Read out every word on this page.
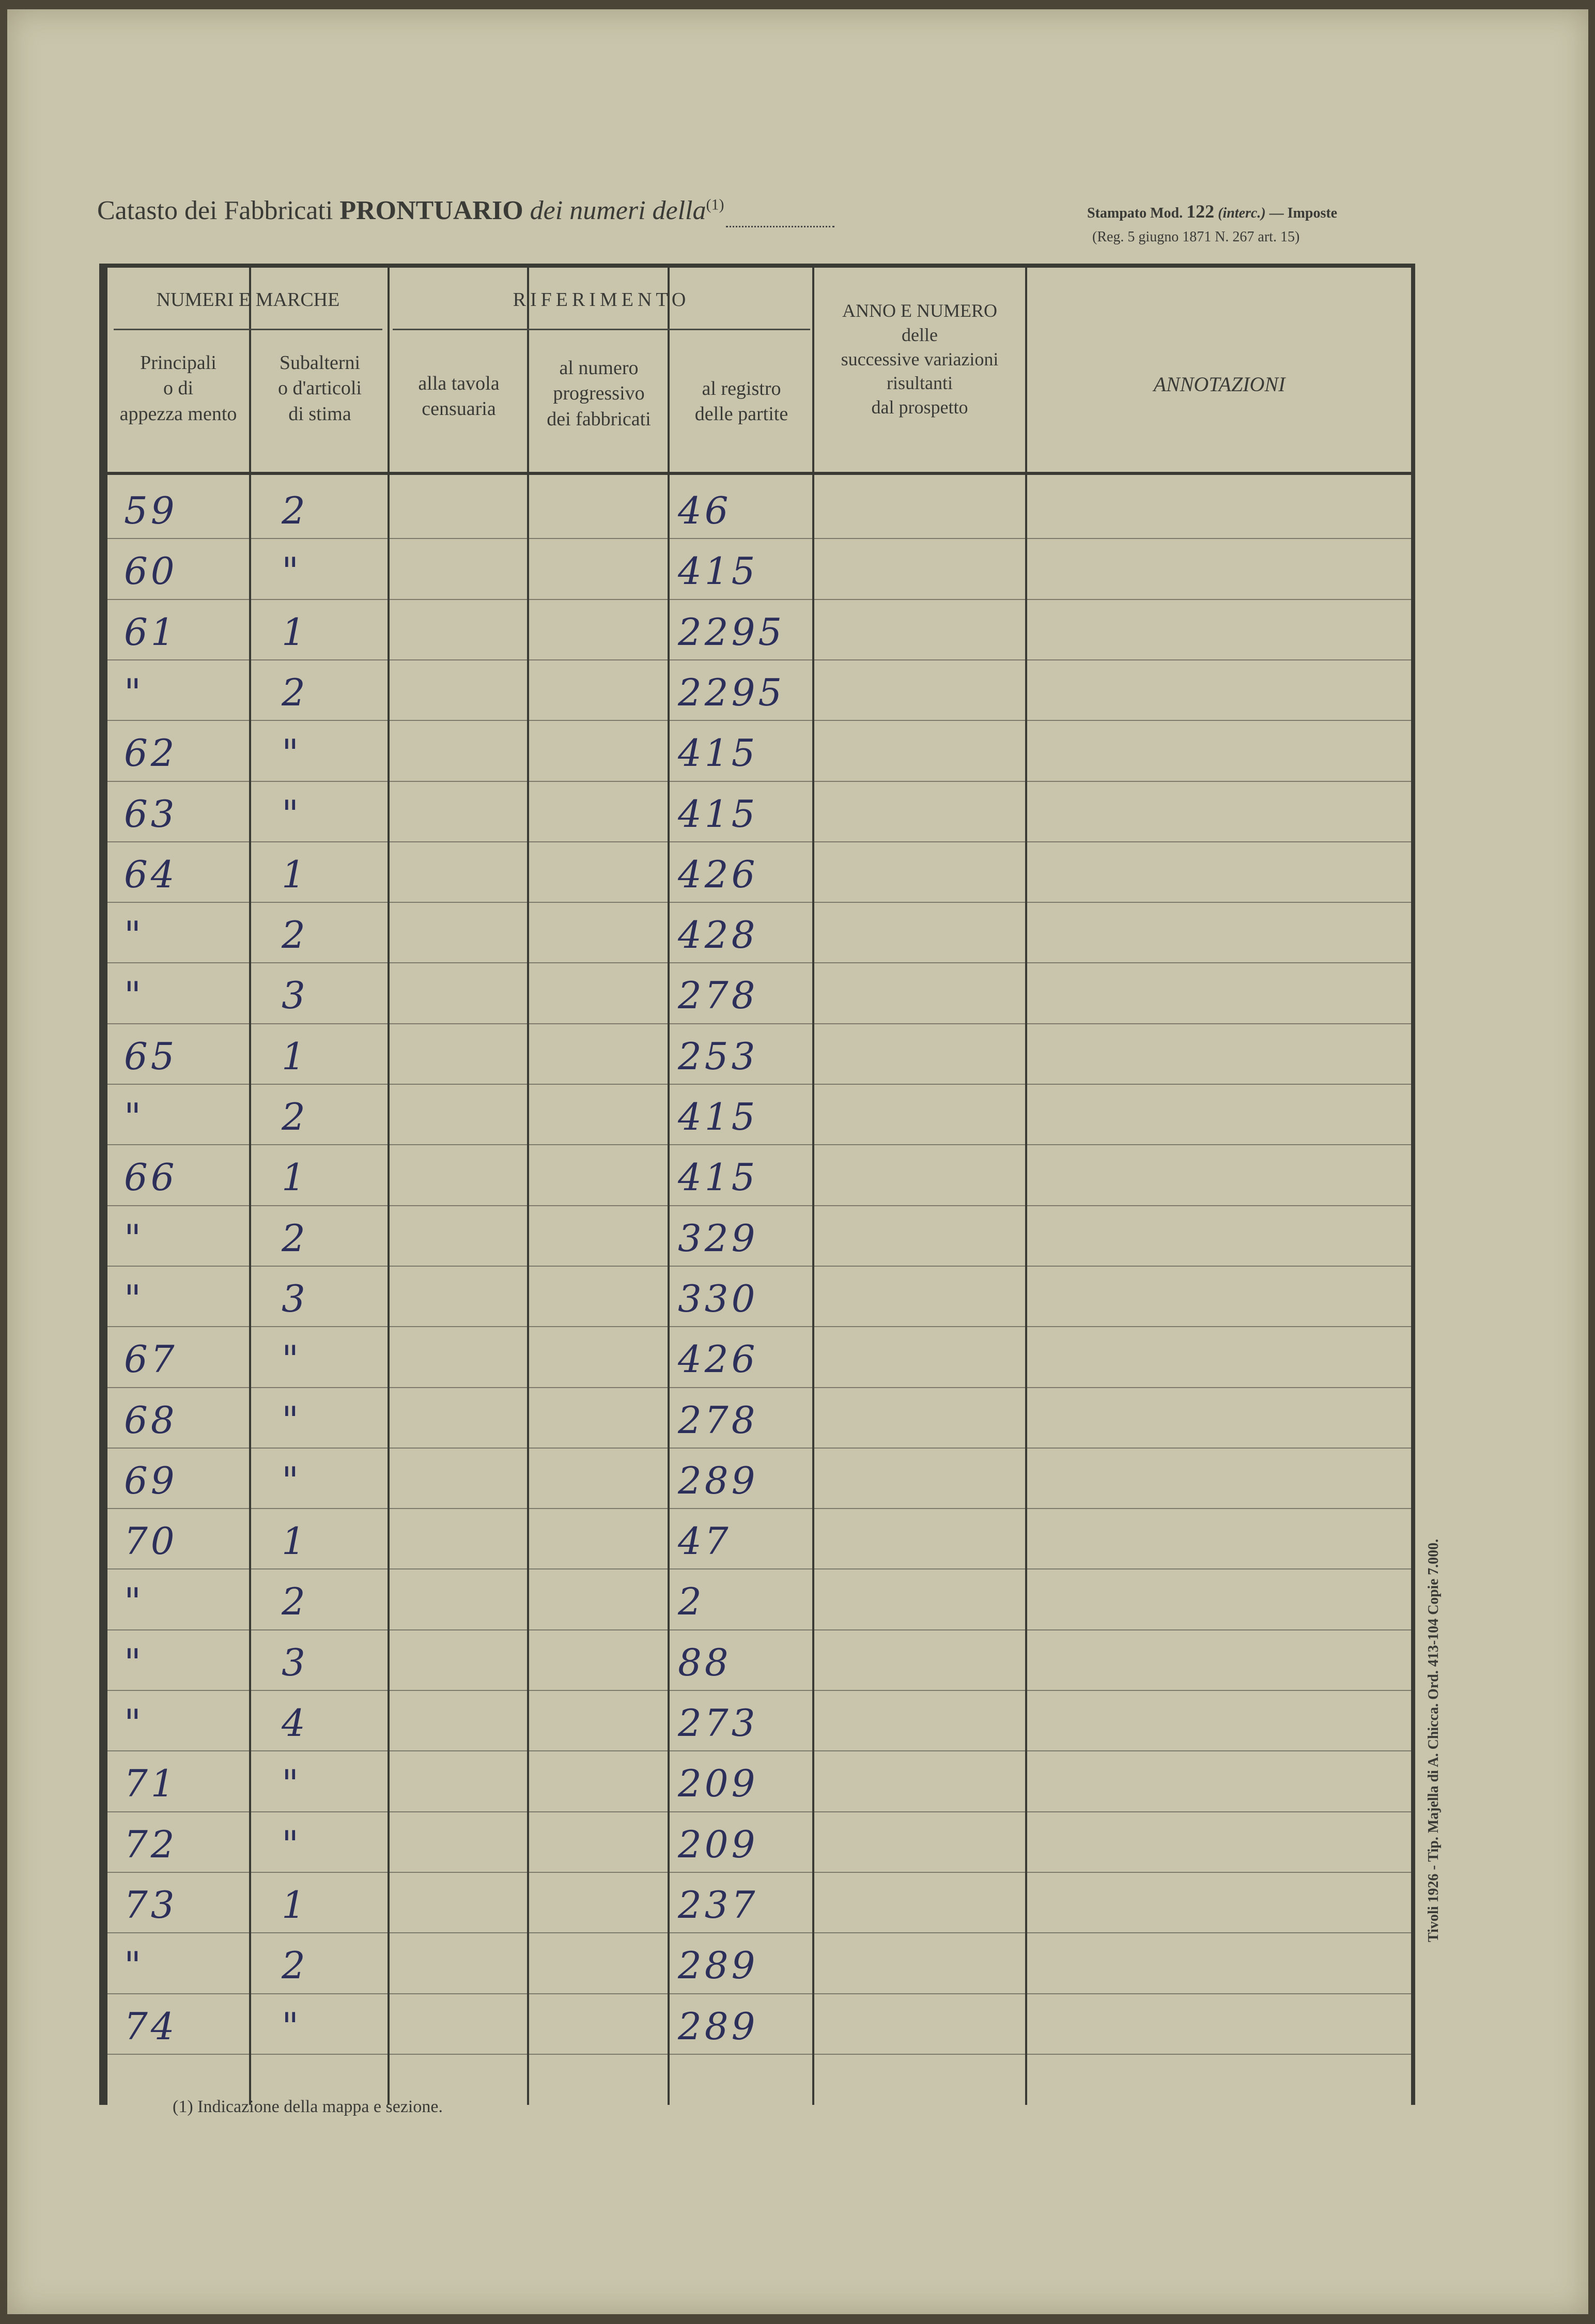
Catasto dei Fabbricati PRONTUARIO dei numeri della$^{(1)}$	Stampato Mod. 122 (interc.) — Imposte
(Reg. 5 giugno 1871 N. 267 art. 15)
NUMERI E MARCHE	RIFERIMENTO	ANNO E NUMERO
delle
successive variazioni
risultanti
dal prospetto
Principali
o di
appezza mento
Subalterni
o d'articoli
di stima
alla tavola
censuaria
al numero
progressivo
dei fabbricati
al registro
delle partite
ANNOTAZIONI
59	2	46
60	"	415
61	1	2295
"	2	2295
62	"	415
63	"	415
64	1	426
"	2	428
"	3	278
65	1	253
"	2	415
66	1	415
"	2	329
"	3	330
67	"	426
68	"	278
69	"	289
70	1	47
"	2	2
"	3	88
"	4	273
71	"	209
72	"	209
73	1	237
"	2	289
74	"	289
(1) Indicazione della mappa e sezione.
Tivoli 1926 - Tip. Majella di A. Chicca. Ord. 413-104 Copie 7.000.
